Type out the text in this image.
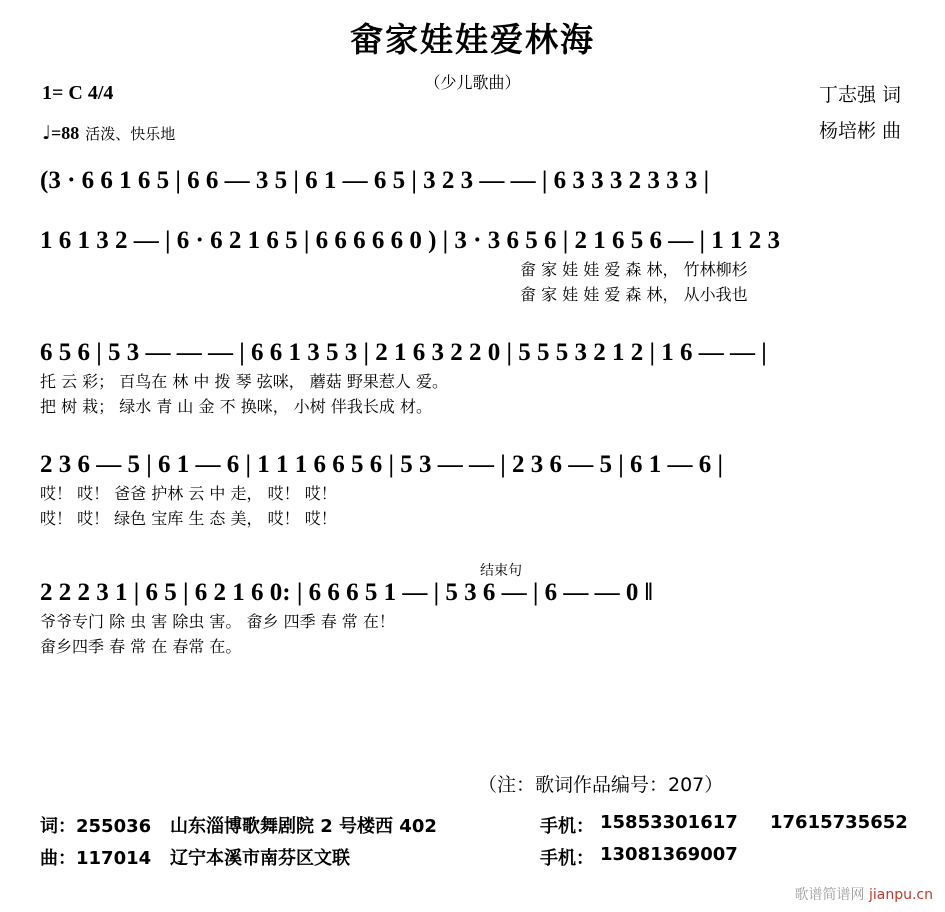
畲家娃娃爱林海
（少儿歌曲）
1= C 4/4
♩=88 活泼、快乐地
丁志强 词
杨培彬 曲
(3 · 6 6 1 6 5 | 6 6 — 3 5 | 6 1 — 6 5 | 3 2 3 — — | 6 3 3 3 2 3 3 3 |
1 6 1 3 2 — | 6 · 6 2 1 6 5 | 6 6 6 6 6 0 ) | 3 · 3 6 5 6 | 2 1 6 5 6 — | 1 1 2 3
畲 家 娃 娃 爱 森 林， 竹林柳杉
畲 家 娃 娃 爱 森 林， 从小我也
6 5 6 | 5 3 — — — | 6 6 1 3 5 3 | 2 1 6 3 2 2 0 | 5 5 5 3 2 1 2 | 1 6 — — |
托 云 彩； 百鸟在 林 中 拨 琴 弦咪， 蘑菇 野果惹人 爱。
把 树 栽； 绿水 青 山 金 不 换咪， 小树 伴我长成 材。
2 3 6 — 5 | 6 1 — 6 | 1 1 1 6 6 5 6 | 5 3 — — | 2 3 6 — 5 | 6 1 — 6 |
哎！ 哎！ 爸爸 护林 云 中 走， 哎！ 哎！
哎！ 哎！ 绿色 宝库 生 态 美， 哎！ 哎！
结束句
2 2 2 3 1 | 6 5 | 6 2 1 6 0: | 6 6 6 5 1 — | 5 3 6 — | 6 — — 0 ‖
爷爷专门 除 虫 害 除虫 害。 畲乡 四季 春 常 在！
畲乡四季 春 常 在 春常 在。
（注：歌词作品编号：207）
词：255036 山东淄博歌舞剧院 2 号楼西 402	手机： 15853301617 17615735652
曲：117014 辽宁本溪市南芬区文联	手机： 13081369007
歌谱简谱网 jianpu.cn
